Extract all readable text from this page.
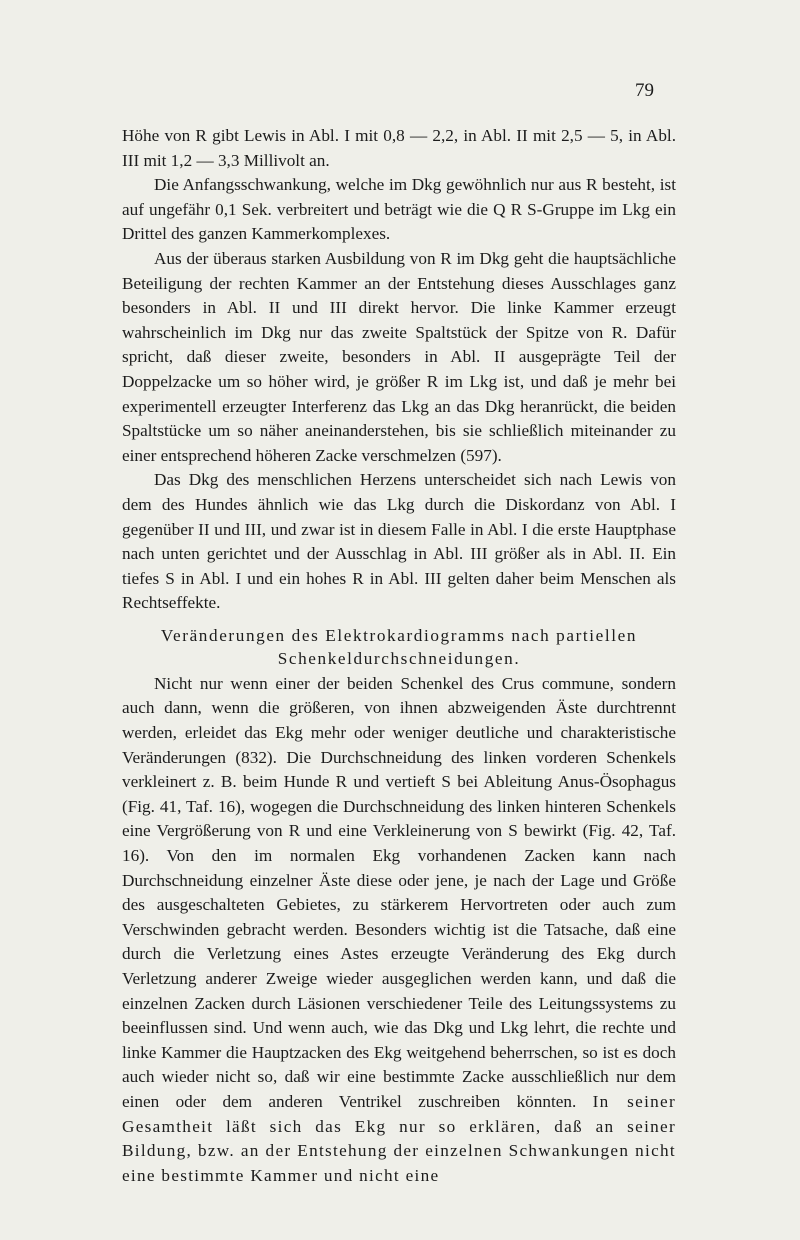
79

Höhe von R gibt Lewis in Abl. I mit 0,8 — 2,2, in Abl. II mit 2,5 — 5, in Abl. III mit 1,2 — 3,3 Millivolt an.

Die Anfangsschwankung, welche im Dkg gewöhnlich nur aus R besteht, ist auf ungefähr 0,1 Sek. verbreitert und beträgt wie die Q R S-Gruppe im Lkg ein Drittel des ganzen Kammerkomplexes.

Aus der überaus starken Ausbildung von R im Dkg geht die hauptsächliche Beteiligung der rechten Kammer an der Entstehung dieses Ausschlages ganz besonders in Abl. II und III direkt hervor. Die linke Kammer erzeugt wahrscheinlich im Dkg nur das zweite Spaltstück der Spitze von R. Dafür spricht, daß dieser zweite, besonders in Abl. II ausgeprägte Teil der Doppelzacke um so höher wird, je größer R im Lkg ist, und daß je mehr bei experimentell erzeugter Interferenz das Lkg an das Dkg heranrückt, die beiden Spaltstücke um so näher aneinanderstehen, bis sie schließlich miteinander zu einer entsprechend höheren Zacke verschmelzen (597).

Das Dkg des menschlichen Herzens unterscheidet sich nach Lewis von dem des Hundes ähnlich wie das Lkg durch die Diskordanz von Abl. I gegenüber II und III, und zwar ist in diesem Falle in Abl. I die erste Hauptphase nach unten gerichtet und der Ausschlag in Abl. III größer als in Abl. II. Ein tiefes S in Abl. I und ein hohes R in Abl. III gelten daher beim Menschen als Rechtseffekte.

Veränderungen des Elektrokardiogramms nach partiellen
Schenkeldurchschneidungen.

Nicht nur wenn einer der beiden Schenkel des Crus commune, sondern auch dann, wenn die größeren, von ihnen abzweigenden Äste durchtrennt werden, erleidet das Ekg mehr oder weniger deutliche und charakteristische Veränderungen (832). Die Durchschneidung des linken vorderen Schenkels verkleinert z. B. beim Hunde R und vertieft S bei Ableitung Anus-Ösophagus (Fig. 41, Taf. 16), wogegen die Durchschneidung des linken hinteren Schenkels eine Vergrößerung von R und eine Verkleinerung von S bewirkt (Fig. 42, Taf. 16). Von den im normalen Ekg vorhandenen Zacken kann nach Durchschneidung einzelner Äste diese oder jene, je nach der Lage und Größe des ausgeschalteten Gebietes, zu stärkerem Hervortreten oder auch zum Verschwinden gebracht werden. Besonders wichtig ist die Tatsache, daß eine durch die Verletzung eines Astes erzeugte Veränderung des Ekg durch Verletzung anderer Zweige wieder ausgeglichen werden kann, und daß die einzelnen Zacken durch Läsionen verschiedener Teile des Leitungssystems zu beeinflussen sind. Und wenn auch, wie das Dkg und Lkg lehrt, die rechte und linke Kammer die Hauptzacken des Ekg weitgehend beherrschen, so ist es doch auch wieder nicht so, daß wir eine bestimmte Zacke ausschließlich nur dem einen oder dem anderen Ventrikel zuschreiben könnten. In seiner Gesamtheit läßt sich das Ekg nur so erklären, daß an seiner Bildung, bzw. an der Entstehung der einzelnen Schwankungen nicht eine bestimmte Kammer und nicht eine
